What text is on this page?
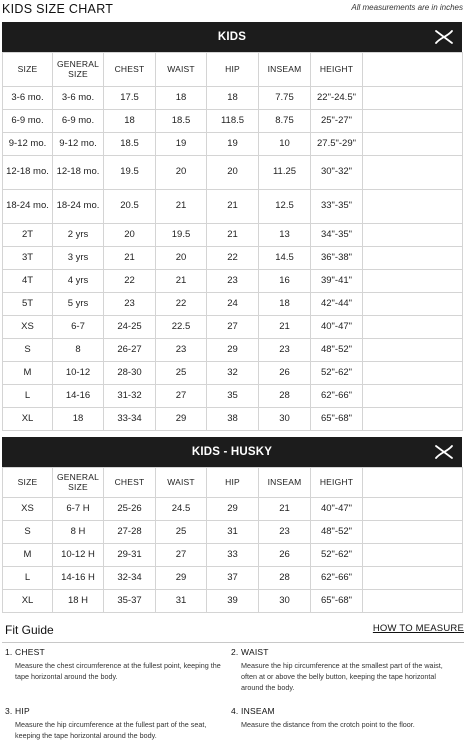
KIDS SIZE CHART	All measurements are in inches
KIDS
SIZE	GENERAL SIZE	CHEST	WAIST	HIP	INSEAM	HEIGHT	
3-6 mo.	3-6 mo.	17.5	18	18	7.75	22"-24.5"	
6-9 mo.	6-9 mo.	18	18.5	118.5	8.75	25"-27"	
9-12 mo.	9-12 mo.	18.5	19	19	10	27.5"-29"	
12-18 mo.	12-18 mo.	19.5	20	20	11.25	30"-32"	
18-24 mo.	18-24 mo.	20.5	21	21	12.5	33"-35"	
2T	2 yrs	20	19.5	21	13	34"-35"	
3T	3 yrs	21	20	22	14.5	36"-38"	
4T	4 yrs	22	21	23	16	39"-41"	
5T	5 yrs	23	22	24	18	42"-44"	
XS	6-7	24-25	22.5	27	21	40"-47"	
S	8	26-27	23	29	23	48"-52"	
M	10-12	28-30	25	32	26	52"-62"	
L	14-16	31-32	27	35	28	62"-66"	
XL	18	33-34	29	38	30	65"-68"	
KIDS - HUSKY
SIZE	GENERAL SIZE	CHEST	WAIST	HIP	INSEAM	HEIGHT	
XS	6-7 H	25-26	24.5	29	21	40"-47"	
S	8 H	27-28	25	31	23	48"-52"	
M	10-12 H	29-31	27	33	26	52"-62"	
L	14-16 H	32-34	29	37	28	62"-66"	
XL	18 H	35-37	31	39	30	65"-68"	
Fit Guide	HOW TO MEASURE
1. CHEST
Measure the chest circumference at the fullest point, keeping the tape horizontal around the body.
2. WAIST
Measure the hip circumference at the smallest part of the waist, often at or above the belly button, keeping the tape horizontal around the body.
3. HIP
Measure the hip circumference at the fullest part of the seat, keeping the tape horizontal around the body.
4. INSEAM
Measure the distance from the crotch point to the floor.
